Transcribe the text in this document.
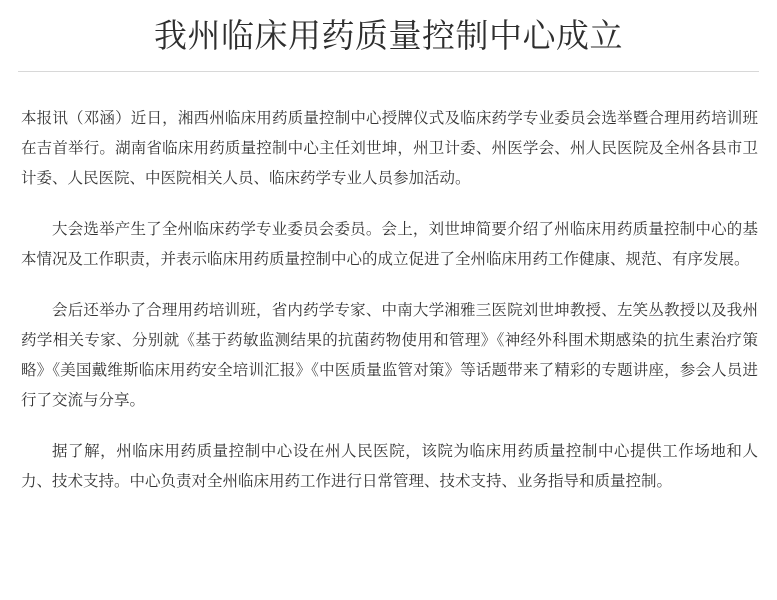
我州临床用药质量控制中心成立

本报讯（邓涵）近日，湘西州临床用药质量控制中心授牌仪式及临床药学专业委员会选举暨合理用药培训班在吉首举行。湖南省临床用药质量控制中心主任刘世坤，州卫计委、州医学会、州人民医院及全州各县市卫计委、人民医院、中医院相关人员、临床药学专业人员参加活动。

大会选举产生了全州临床药学专业委员会委员。会上，刘世坤简要介绍了州临床用药质量控制中心的基本情况及工作职责，并表示临床用药质量控制中心的成立促进了全州临床用药工作健康、规范、有序发展。

会后还举办了合理用药培训班，省内药学专家、中南大学湘雅三医院刘世坤教授、左笑丛教授以及我州药学相关专家、分别就《基于药敏监测结果的抗菌药物使用和管理》《神经外科围术期感染的抗生素治疗策略》《美国戴维斯临床用药安全培训汇报》《中医质量监管对策》等话题带来了精彩的专题讲座，参会人员进行了交流与分享。

据了解，州临床用药质量控制中心设在州人民医院，该院为临床用药质量控制中心提供工作场地和人力、技术支持。中心负责对全州临床用药工作进行日常管理、技术支持、业务指导和质量控制。
